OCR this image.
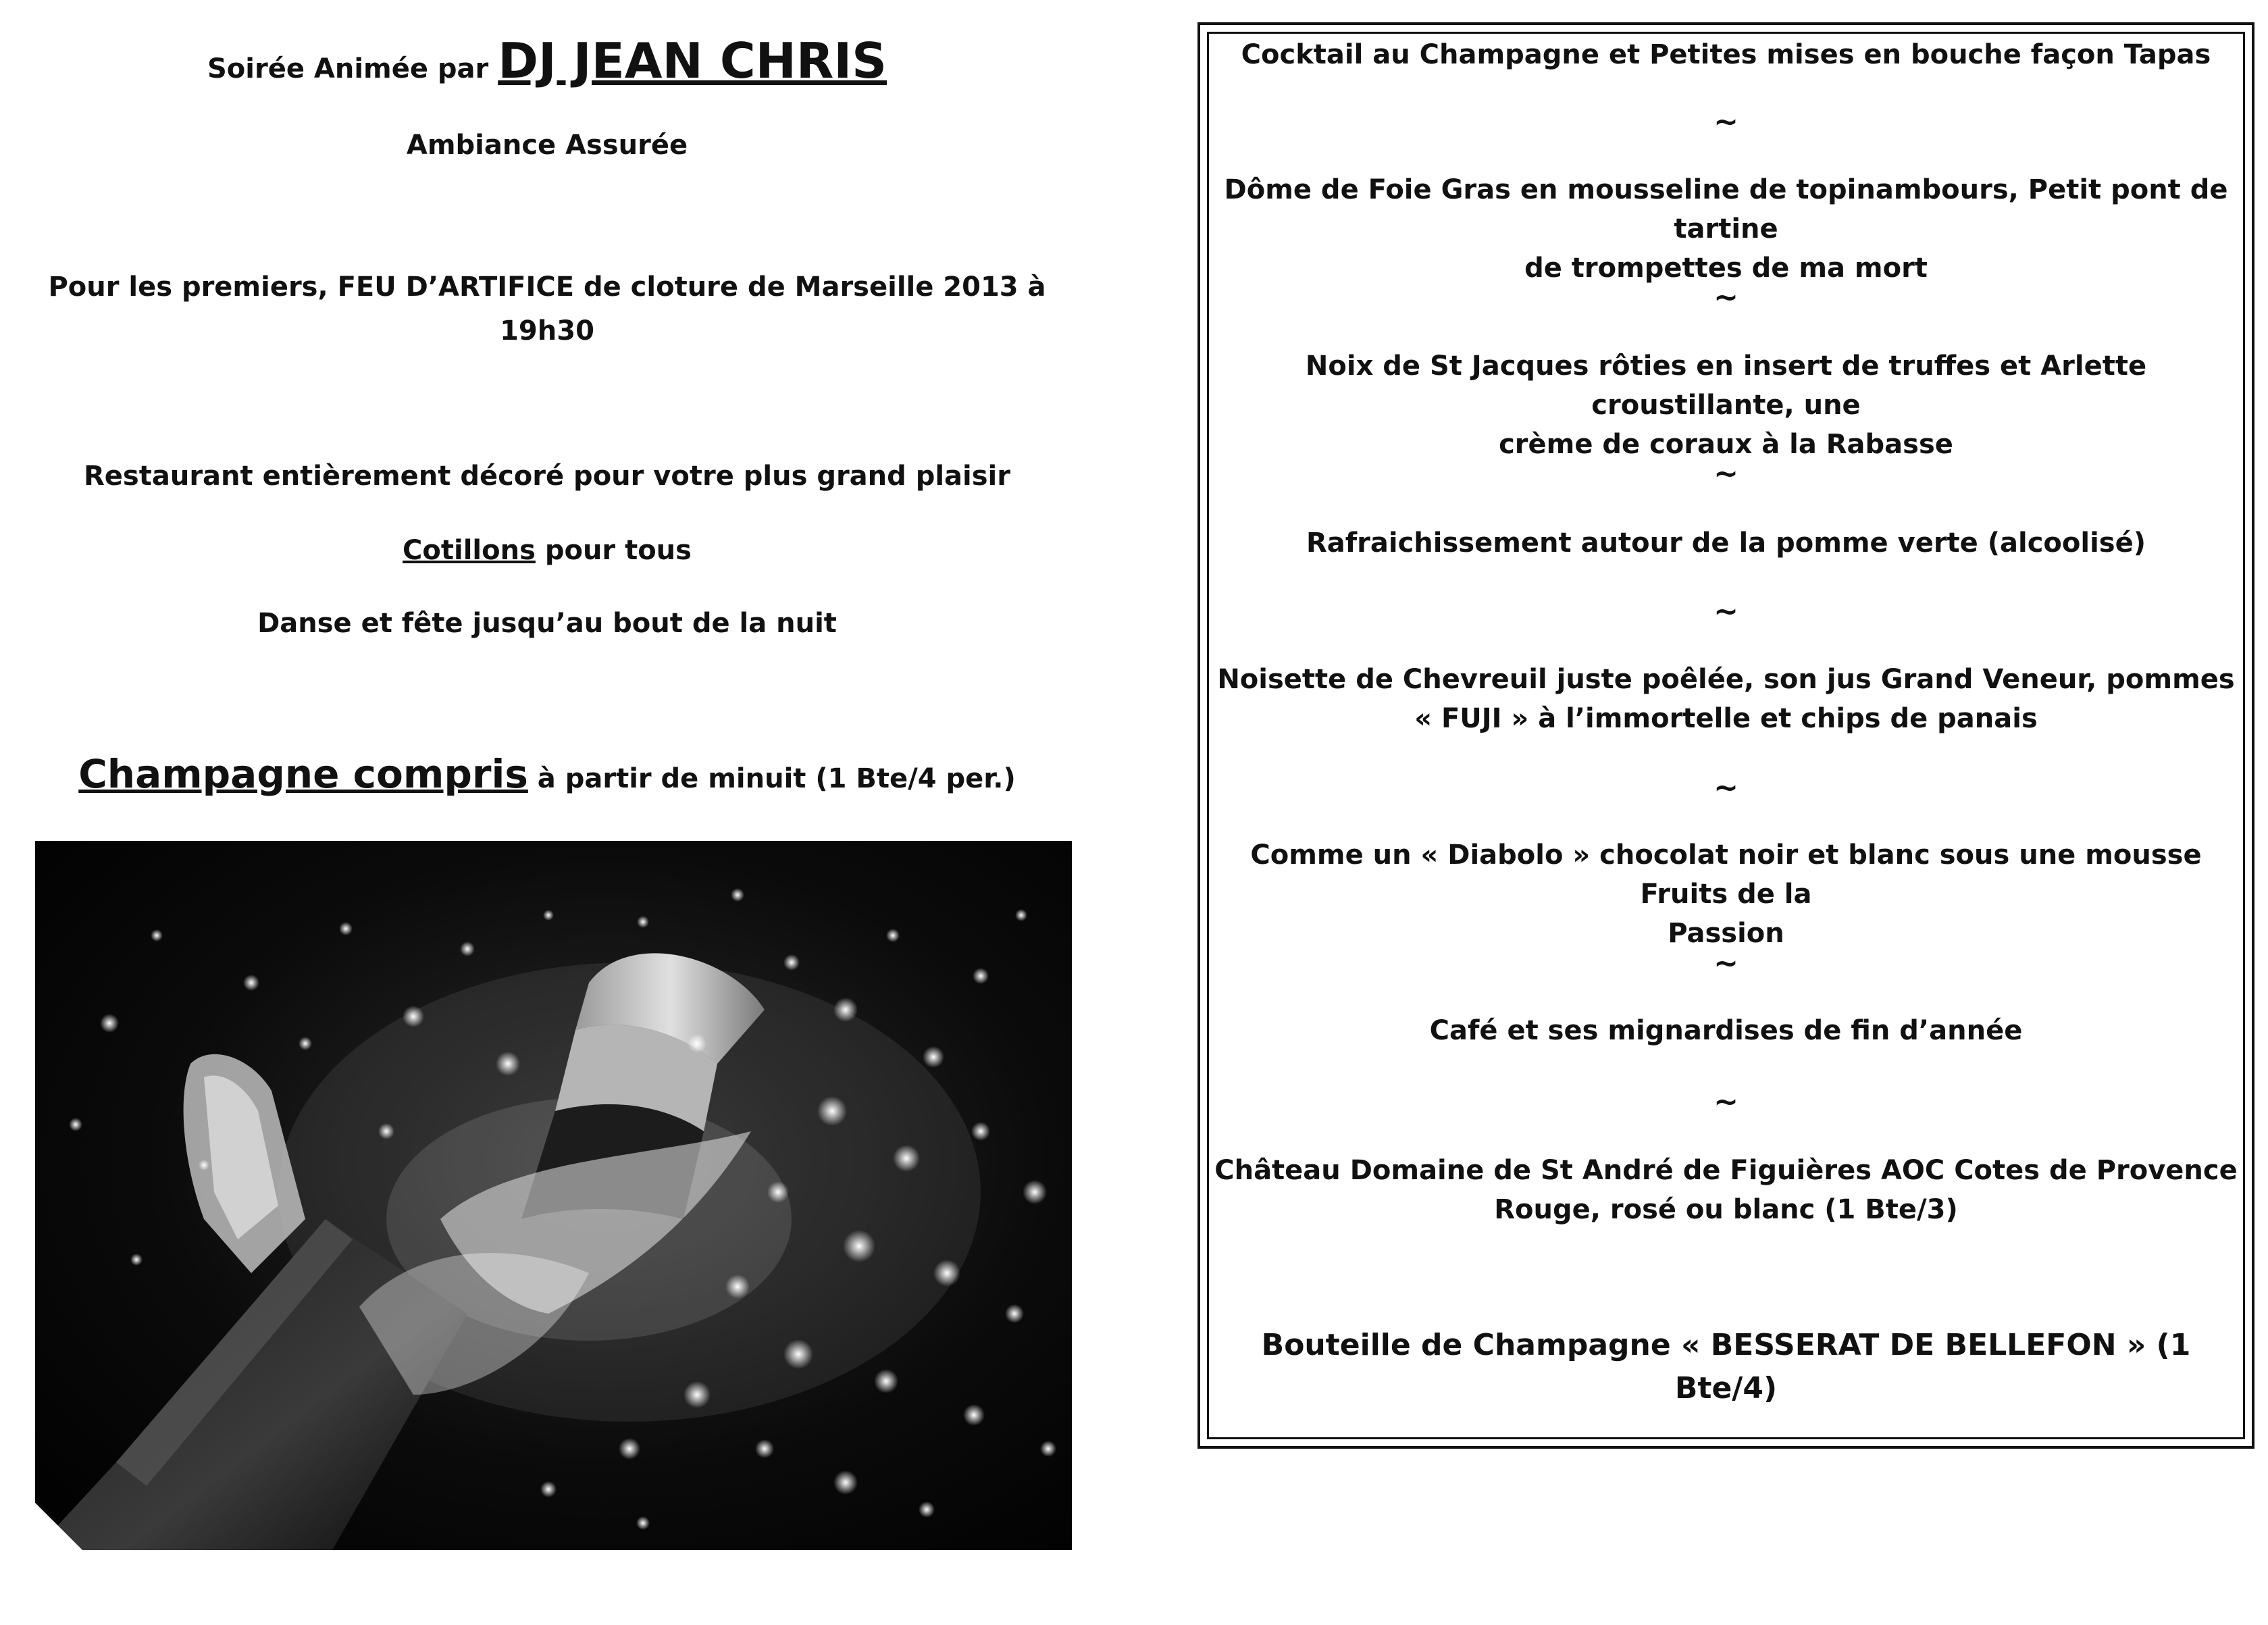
Soirée Animée par DJ JEAN CHRIS
Ambiance Assurée
Pour les premiers, FEU D’ARTIFICE de cloture de Marseille 2013 à
19h30
Restaurant entièrement décoré pour votre plus grand plaisir
Cotillons pour tous
Danse et fête jusqu’au bout de la nuit
Champagne compris à partir de minuit (1 Bte/4 per.)
Cocktail au Champagne et Petites mises en bouche façon Tapas
~
Dôme de Foie Gras en mousseline de topinambours, Petit pont de tartine
de trompettes de ma mort
~
Noix de St Jacques rôties en insert de truffes et Arlette croustillante, une
crème de coraux à la Rabasse
~
Rafraichissement autour de la pomme verte (alcoolisé)
~
Noisette de Chevreuil juste poêlée, son jus Grand Veneur, pommes
« FUJI » à l’immortelle et chips de panais
~
Comme un « Diabolo » chocolat noir et blanc sous une mousse Fruits de la
Passion
~
Café et ses mignardises de fin d’année
~
Château Domaine de St André de Figuières AOC Cotes de Provence
Rouge, rosé ou blanc (1 Bte/3)
Bouteille de Champagne « BESSERAT DE BELLEFON » (1 Bte/4)
